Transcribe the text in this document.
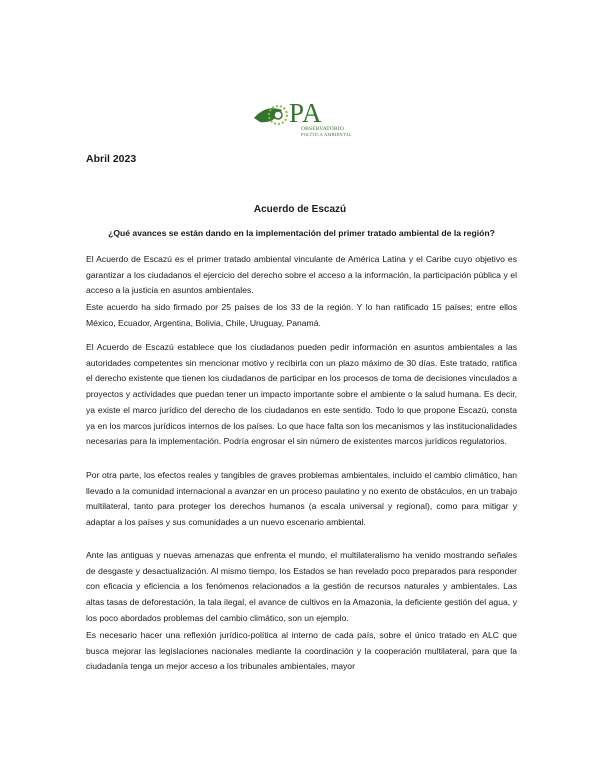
PA
OBSERVATORIO
POLÍTICA AMBIENTAL
Abril 2023
Acuerdo de Escazú
¿Qué avances se están dando en la implementación del primer tratado ambiental de la región?
El Acuerdo de Escazú es el primer tratado ambiental vinculante de América Latina y el Caribe cuyo objetivo es garantizar a los ciudadanos el ejercicio del derecho sobre el acceso a la información, la participación pública y el acceso a la justicia en asuntos ambientales.
Este acuerdo ha sido firmado por 25 países de los 33 de la región. Y lo han ratificado 15 países; entre ellos México, Ecuador, Argentina, Bolivia, Chile, Uruguay, Panamá.
El Acuerdo de Escazú establece que los ciudadanos pueden pedir información en asuntos ambientales a las autoridades competentes sin mencionar motivo y recibirla con un plazo máximo de 30 días. Este tratado, ratifica el derecho existente que tienen los ciudadanos de participar en los procesos de toma de decisiones vinculados a proyectos y actividades que puedan tener un impacto importante sobre el ambiente o la salud humana. Es decir, ya existe el marco jurídico del derecho de los ciudadanos en este sentido. Todo lo que propone Escazú, consta ya en los marcos jurídicos internos de los países. Lo que hace falta son los mecanismos y las institucionalidades necesarias para la implementación. Podría engrosar el sin número de existentes marcos jurídicos regulatorios.
Por otra parte, los efectos reales y tangibles de graves problemas ambientales, incluido el cambio climático, han llevado a la comunidad internacional a avanzar en un proceso paulatino y no exento de obstáculos, en un trabajo multilateral, tanto para proteger los derechos humanos (a escala universal y regional), como para mitigar y adaptar a los países y sus comunidades a un nuevo escenario ambiental.
Ante las antiguas y nuevas amenazas que enfrenta el mundo, el multilateralismo ha venido mostrando señales de desgaste y desactualización. Al mismo tiempo, los Estados se han revelado poco preparados para responder con eficacia y eficiencia a los fenómenos relacionados a la gestión de recursos naturales y ambientales. Las altas tasas de deforestación, la tala ilegal, el avance de cultivos en la Amazonia, la deficiente gestión del agua, y los poco abordados problemas del cambio climático, son un ejemplo.
Es necesario hacer una reflexión jurídico-política al interno de cada país, sobre el único tratado en ALC que busca mejorar las legislaciones nacionales mediante la coordinación y la cooperación multilateral, para que la ciudadanía tenga un mejor acceso a los tribunales ambientales, mayor
